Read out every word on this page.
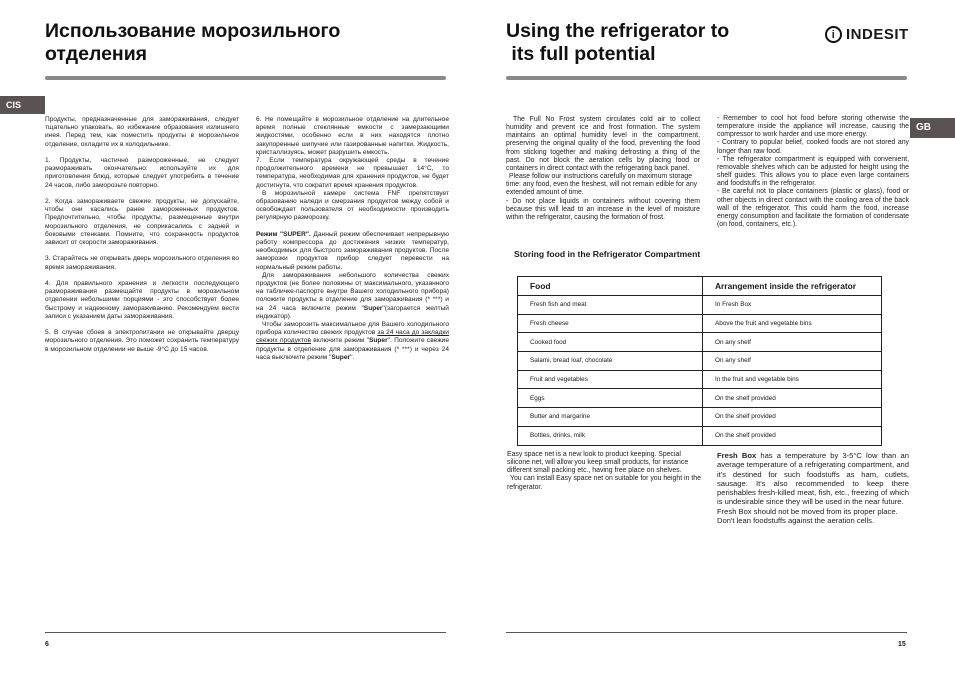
Использование морозильного
отделения
CIS

Продукты, предназначенные для замораживания, следует тщательно упаковать, во избежание образования излишнего инея. Перед тем, как поместить продукты в морозильное отделение, охладите их в холодильнике.

1. Продукты, частично размороженные, не следует размораживать окончательно: используйте их для приготовления блюд, которые следует употребить в течение 24 часов, либо заморозьте повторно.

2. Когда замораживаете свежие продукты, не допускайте, чтобы они касались ранее замороженных продуктов. Предпочтительно, чтобы продукты, размещенные внутри морозильного отделения, не соприкасались с задней и боковыми стенками. Помните, что сохранность продуктов зависит от скорости замораживания.

3. Старайтесь не открывать дверь морозильного отделения во время замораживания.

4. Для правильного хранения и легкости последующего размораживания размещайте продукты в морозильном отделении небольшими порциями - это способствует более быстрому и надежному замораживанию. Рекомендуем вести записи с указанием даты замораживания.

5. В случае сбоев в электропитании не открывайте дверцу морозильного отделения. Это поможет сохранить температуру в морозильном отделении не выше -9°С до 15 часов.

6. Не помещайте в морозильное отделение на длительное время полные стеклянные емкости с замерзающими жидкостями, особенно если в них находятся плотно закупоренные шипучие или газированные напитки. Жидкость, кристаллизуясь, может разрушить емкость.

7. Если температура окружающей среды в течение продолжительного времени не превышает 14°С, то температура, необходимая для хранения продуктов, не будет достигнута, что сократит время хранения продуктов.

В морозильной камере система FNF препятствует образованию наледи и смерзания продуктов между собой и освобождает пользователя от необходимости производить регулярную разморозку.

Режим "SUPER". Данный режим обеспечивает непрерывную работу компрессора до достижения низких температур, необходимых для быстрого замораживания продуктов. После заморозки продуктов прибор следует перевести на нормальный режим работы.

Для замораживания небольшого количества свежих продуктов (не более половины от максимального, указанного на табличке-паспорте внутри Вашего холодильного прибора) положите продукты в отделение для замораживания (* ***) и на 24 часа включите режим "Super"(загорается желтый индикатор).

Чтобы заморозить максимальное для Вашего холодильного прибора количество свежих продуктов за 24 часа до закладки свежих продуктов включите режим "Super". Положите свежие продукты в отделение для замораживания (* ***) и через 24 часа выключите режим "Super".

6
Using the refrigerator to
its full potential
i INDESIT
GB

The Full No Frost system circulates cold air to collect humidity and prevent ice and frost formation. The system maintains an optimal humidity level in the compartment, preserving the original quality of the food, preventing the food from sticking together and making defrosting a thing of the past. Do not block the aeration cells by placing food or containers in direct contact with the refrigerating back panel.

Please follow our instructions carefully on maximum storage time: any food, even the freshest, will not remain edible for any extended amount of time.

- Do not place liquids in containers without covering them because this will lead to an increase in the level of moisture within the refrigerator, causing the formation of frost.

- Remember to cool hot food before storing otherwise the temperature inside the appliance will increase, causing the compressor to work harder and use more energy.

- Contrary to popular belief, cooked foods are not stored any longer than raw food.

- The refrigerator compartment is equipped with convenient, removable shelves which can be adjusted for height using the shelf guides. This allows you to place even large containers and foodstuffs in the refrigerator.

- Be careful not to place containers (plastic or glass), food or other objects in direct contact with the cooling area of the back wall of the refrigerator. This could harm the food, increase energy consumption and facilitate the formation of condensate (on food, containers, etc.).

Storing food in the Refrigerator Compartment
Food	Arrangement inside the refrigerator
Fresh fish and meat	In Fresh Box
Fresh cheese	Above the fruit and vegetable bins
Cooked food	On any shelf
Salami, bread loaf, chocolate	On any shelf
Fruit and vegetables	In the fruit and vegetable bins
Eggs	On the shelf provided
Butter and margarine	On the shelf provided
Bottles, drinks, milk	On the shelf provided

Easy space net is a new look to product keeping. Special silicone net, will allow you keep small products, for instance different small packing etc., having free place on shelves.

You can install Easy space net on suitable for you height in the refrigerator.

Fresh Box has a temperature by 3-5°C low than an average temperature of a refrigerating compartment, and it's destined for such foodstuffs as ham, cutlets, sausage. It's also recommended to keep there perishables fresh-killed meat, fish, etc., freezing of which is undesirable since they will be used in the near future.

Fresh Box should not be moved from its proper place.

Don't lean foodstuffs against the aeration cells.

15
